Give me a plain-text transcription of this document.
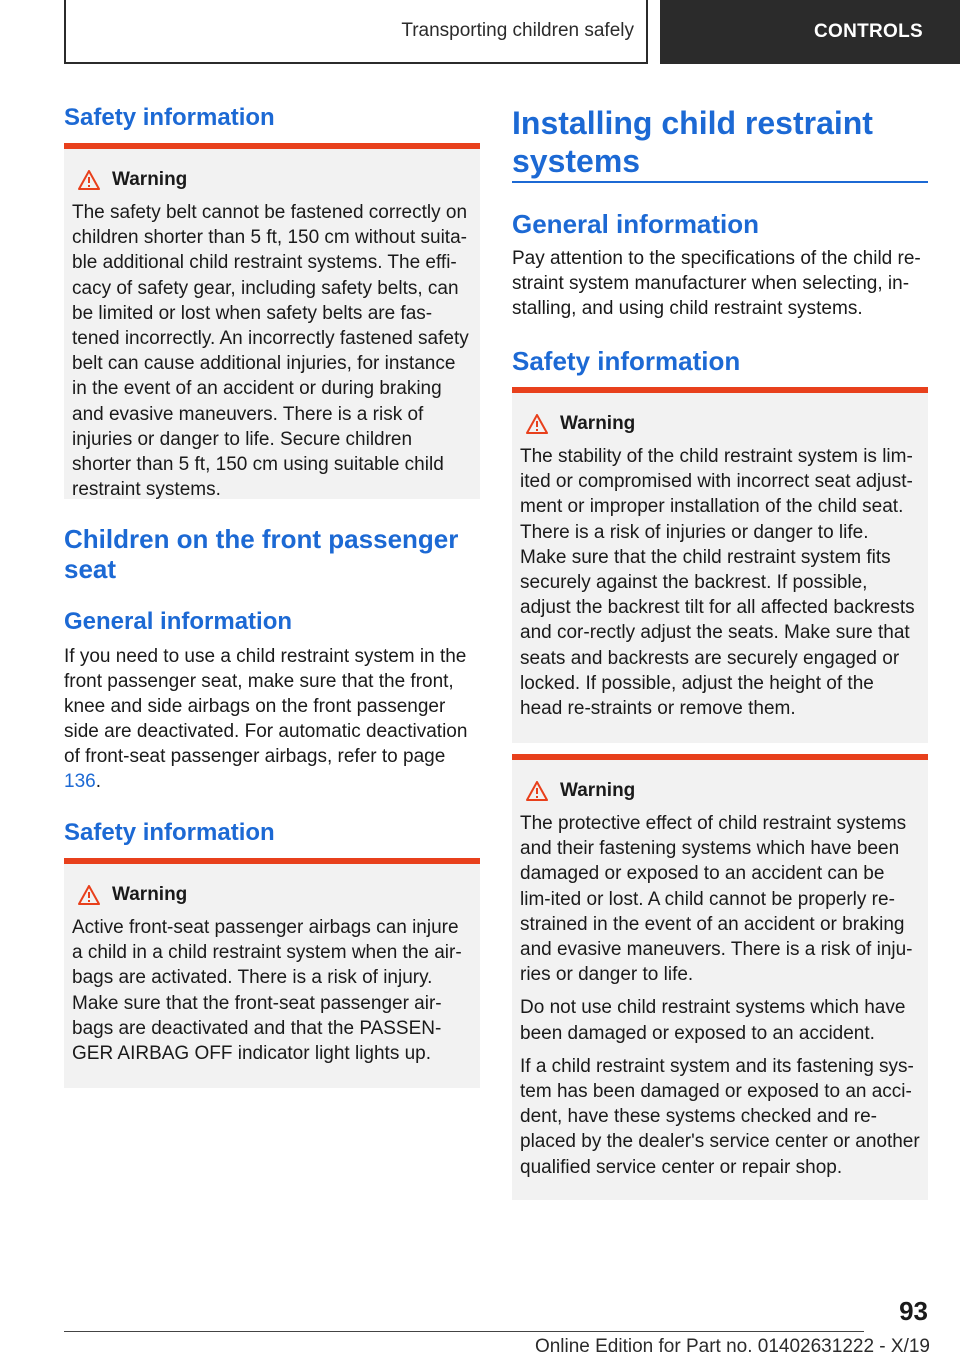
Transporting children safely	CONTROLS
Safety information
Warning

The safety belt cannot be fastened correctly on children shorter than 5 ft, 150 cm without suita-ble additional child restraint systems. The effi-cacy of safety gear, including safety belts, can be limited or lost when safety belts are fas-tened incorrectly. An incorrectly fastened safety belt can cause additional injuries, for instance in the event of an accident or during braking and evasive maneuvers. There is a risk of injuries or danger to life. Secure children shorter than 5 ft, 150 cm using suitable child restraint systems.

Children on the front passenger seat
General information

If you need to use a child restraint system in the front passenger seat, make sure that the front, knee and side airbags on the front passenger side are deactivated. For automatic deactivation of front-seat passenger airbags, refer to page 136.

Safety information
Warning

Active front-seat passenger airbags can injure a child in a child restraint system when the air-bags are activated. There is a risk of injury. Make sure that the front-seat passenger air-bags are deactivated and that the PASSEN-GER AIRBAG OFF indicator light lights up.

Installing child restraint systems
General information

Pay attention to the specifications of the child re-straint system manufacturer when selecting, in-stalling, and using child restraint systems.

Safety information
Warning

The stability of the child restraint system is lim-ited or compromised with incorrect seat adjust-ment or improper installation of the child seat. There is a risk of injuries or danger to life. Make sure that the child restraint system fits securely against the backrest. If possible, adjust the backrest tilt for all affected backrests and cor-rectly adjust the seats. Make sure that seats and backrests are securely engaged or locked. If possible, adjust the height of the head re-straints or remove them.

Warning

The protective effect of child restraint systems and their fastening systems which have been damaged or exposed to an accident can be lim-ited or lost. A child cannot be properly re-strained in the event of an accident or braking and evasive maneuvers. There is a risk of inju-ries or danger to life.

Do not use child restraint systems which have been damaged or exposed to an accident.

If a child restraint system and its fastening sys-tem has been damaged or exposed to an acci-dent, have these systems checked and re-placed by the dealer's service center or another qualified service center or repair shop.

93
Online Edition for Part no. 01402631222 - X/19
